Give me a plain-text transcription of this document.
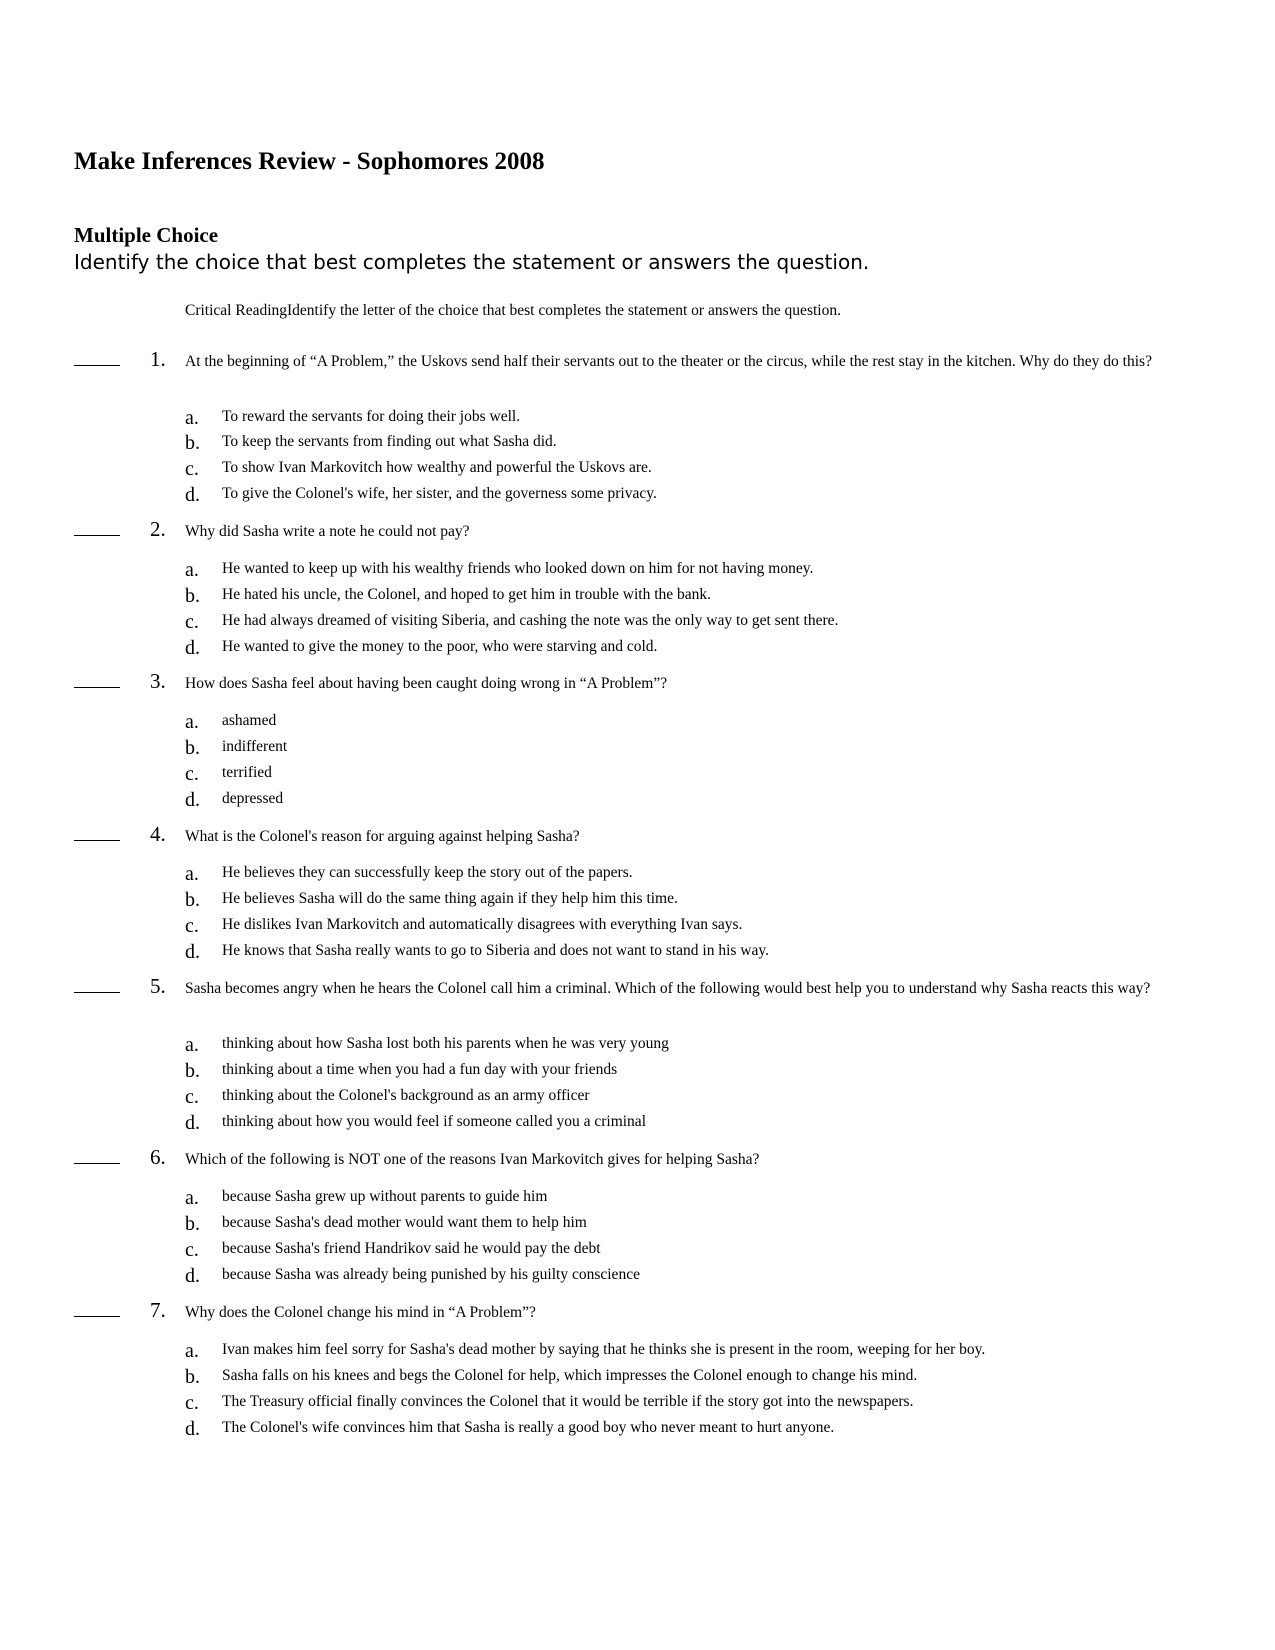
Make Inferences Review - Sophomores 2008
Multiple Choice
Identify the choice that best completes the statement or answers the question.
Critical ReadingIdentify the letter of the choice that best completes the statement or answers the question.
1. At the beginning of “A Problem,” the Uskovs send half their servants out to the theater or the circus, while the rest stay in the kitchen. Why do they do this?
a. To reward the servants for doing their jobs well.
b. To keep the servants from finding out what Sasha did.
c. To show Ivan Markovitch how wealthy and powerful the Uskovs are.
d. To give the Colonel's wife, her sister, and the governess some privacy.
2. Why did Sasha write a note he could not pay?
a. He wanted to keep up with his wealthy friends who looked down on him for not having money.
b. He hated his uncle, the Colonel, and hoped to get him in trouble with the bank.
c. He had always dreamed of visiting Siberia, and cashing the note was the only way to get sent there.
d. He wanted to give the money to the poor, who were starving and cold.
3. How does Sasha feel about having been caught doing wrong in “A Problem”?
a. ashamed
b. indifferent
c. terrified
d. depressed
4. What is the Colonel's reason for arguing against helping Sasha?
a. He believes they can successfully keep the story out of the papers.
b. He believes Sasha will do the same thing again if they help him this time.
c. He dislikes Ivan Markovitch and automatically disagrees with everything Ivan says.
d. He knows that Sasha really wants to go to Siberia and does not want to stand in his way.
5. Sasha becomes angry when he hears the Colonel call him a criminal. Which of the following would best help you to understand why Sasha reacts this way?
a. thinking about how Sasha lost both his parents when he was very young
b. thinking about a time when you had a fun day with your friends
c. thinking about the Colonel's background as an army officer
d. thinking about how you would feel if someone called you a criminal
6. Which of the following is NOT one of the reasons Ivan Markovitch gives for helping Sasha?
a. because Sasha grew up without parents to guide him
b. because Sasha's dead mother would want them to help him
c. because Sasha's friend Handrikov said he would pay the debt
d. because Sasha was already being punished by his guilty conscience
7. Why does the Colonel change his mind in “A Problem”?
a. Ivan makes him feel sorry for Sasha's dead mother by saying that he thinks she is present in the room, weeping for her boy.
b. Sasha falls on his knees and begs the Colonel for help, which impresses the Colonel enough to change his mind.
c. The Treasury official finally convinces the Colonel that it would be terrible if the story got into the newspapers.
d. The Colonel's wife convinces him that Sasha is really a good boy who never meant to hurt anyone.
